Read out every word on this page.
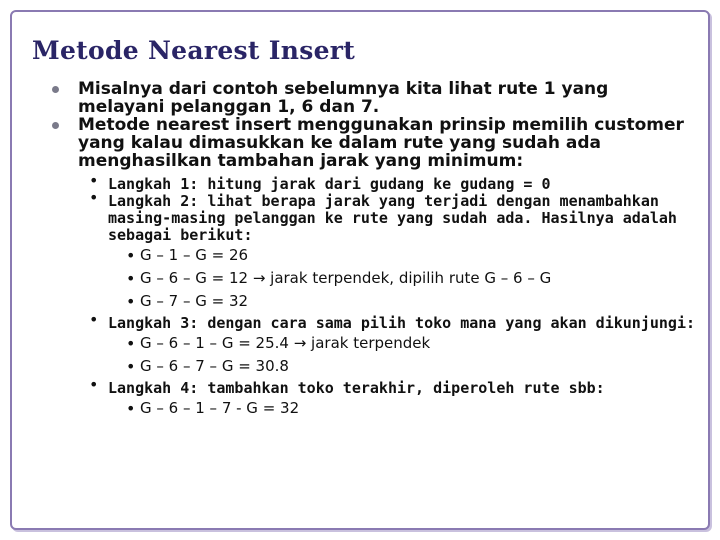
Metode Nearest Insert
Misalnya dari contoh sebelumnya kita lihat rute 1 yang melayani pelanggan 1, 6 dan 7.
Metode nearest insert menggunakan prinsip memilih customer yang kalau dimasukkan ke dalam rute yang sudah ada menghasilkan tambahan jarak yang minimum:
• Langkah 1: hitung jarak dari gudang ke gudang = 0
• Langkah 2: lihat berapa jarak yang terjadi dengan menambahkan masing-masing pelanggan ke rute yang sudah ada. Hasilnya adalah sebagai berikut:
• G – 1 – G = 26
• G – 6 – G = 12 → jarak terpendek, dipilih rute G – 6 – G
• G – 7 – G = 32
• Langkah 3: dengan cara sama pilih toko mana yang akan dikunjungi:
• G – 6 – 1 – G = 25.4 → jarak terpendek
• G – 6 – 7 – G = 30.8
• Langkah 4: tambahkan toko terakhir, diperoleh rute sbb:
• G – 6 – 1 – 7 - G = 32
